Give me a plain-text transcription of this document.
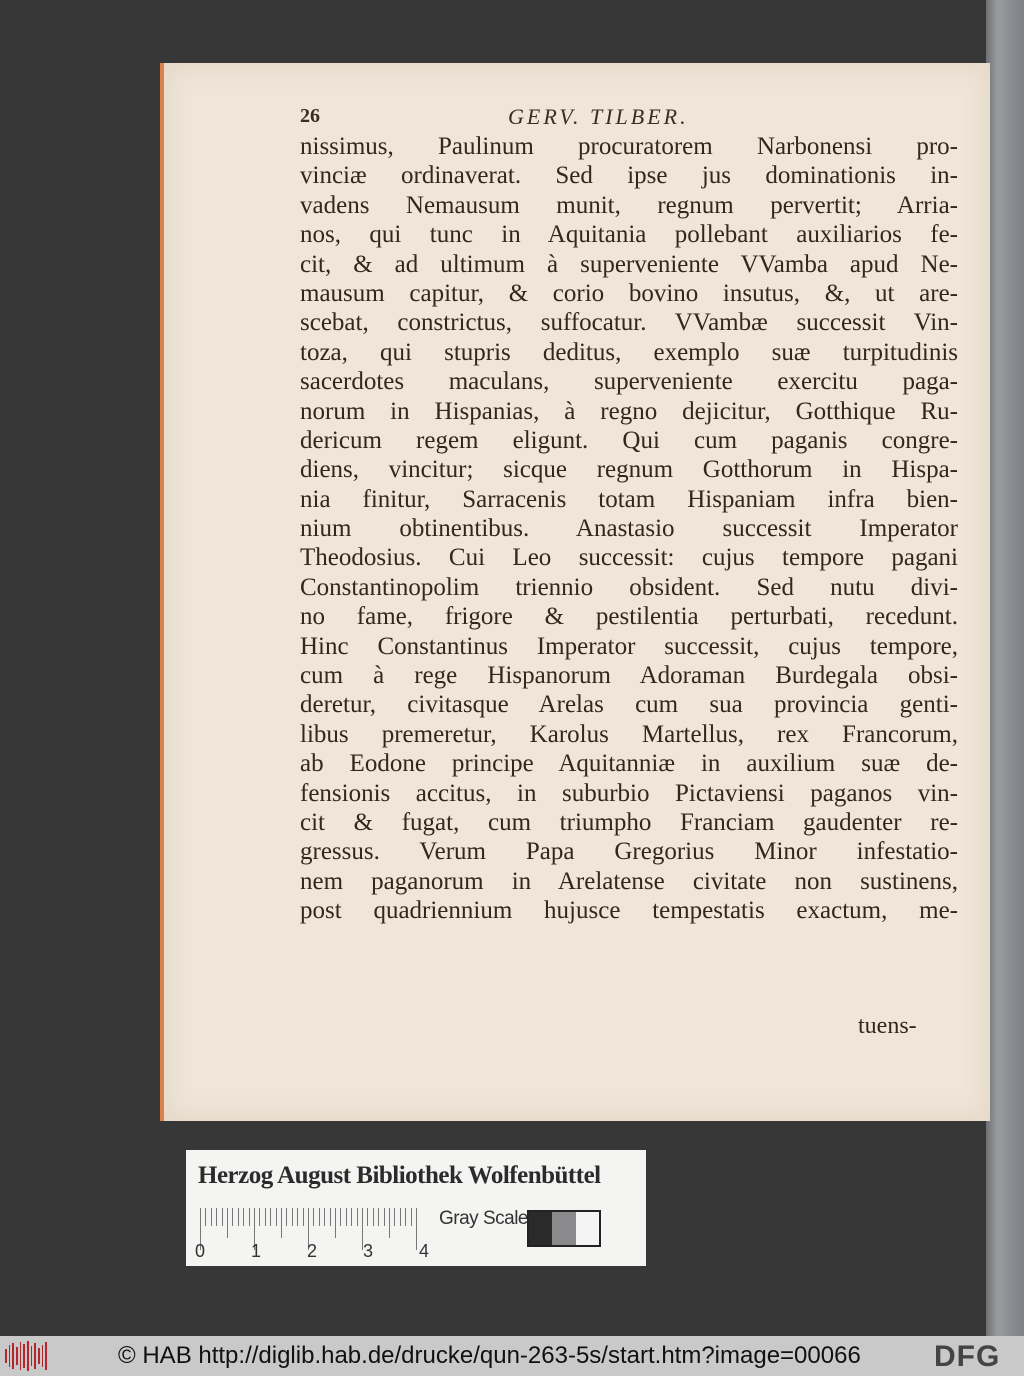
26	GERV. TILBER.
nissimus, Paulinum procuratorem Narbonensi pro-
vinciæ ordinaverat. Sed ipse jus dominationis in-
vadens Nemausum munit, regnum pervertit; Arria-
nos, qui tunc in Aquitania pollebant auxiliarios fe-
cit, & ad ultimum à superveniente VVamba apud Ne-
mausum capitur, & corio bovino insutus, &, ut are-
scebat, constrictus, suffocatur. VVambæ successit Vin-
toza, qui stupris deditus, exemplo suæ turpitudinis
sacerdotes maculans, superveniente exercitu paga-
norum in Hispanias, à regno dejicitur, Gotthique Ru-
dericum regem eligunt. Qui cum paganis congre-
diens, vincitur; sicque regnum Gotthorum in Hispa-
nia finitur, Sarracenis totam Hispaniam infra bien-
nium obtinentibus. Anastasio successit Imperator
Theodosius. Cui Leo successit: cujus tempore pagani
Constantinopolim triennio obsident. Sed nutu divi-
no fame, frigore & pestilentia perturbati, recedunt.
Hinc Constantinus Imperator successit, cujus tempore,
cum à rege Hispanorum Adoraman Burdegala obsi-
deretur, civitasque Arelas cum sua provincia genti-
libus premeretur, Karolus Martellus, rex Francorum,
ab Eodone principe Aquitanniæ in auxilium suæ de-
fensionis accitus, in suburbio Pictaviensi paganos vin-
cit & fugat, cum triumpho Franciam gaudenter re-
gressus. Verum Papa Gregorius Minor infestatio-
nem paganorum in Arelatense civitate non sustinens,
post quadriennium hujusce tempestatis exactum, me-
tuens-
Herzog August Bibliothek Wolfenbüttel
Gray Scale
0	1	2	3	4
© HAB http://diglib.hab.de/drucke/qun-263-5s/start.htm?image=00066 DFG
